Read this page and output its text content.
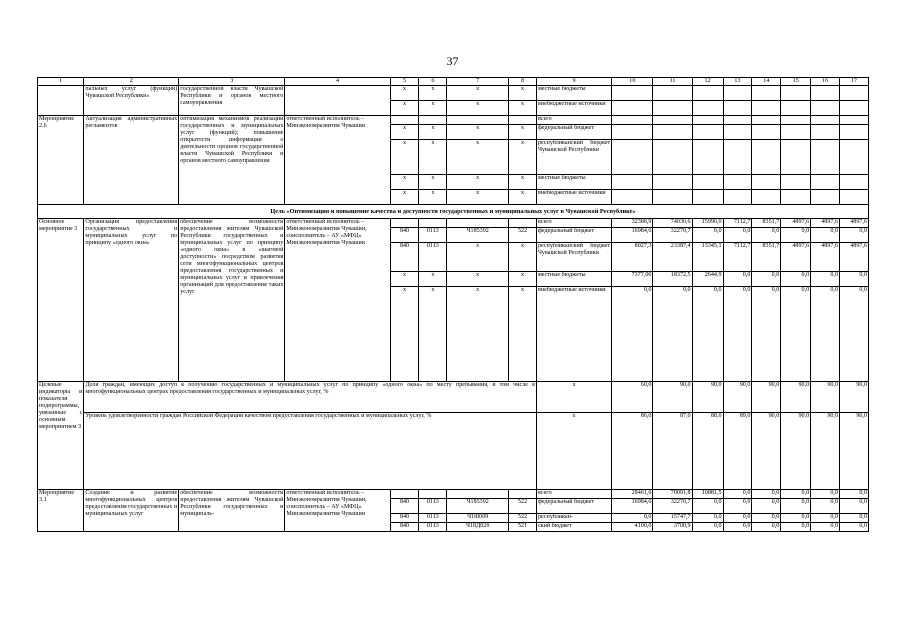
37
1	2	3	4	5	6	7	8	9	10	11	12	13	14	15	16	17
	пальных услуг (функций) Чувашской Республики»	государственной власти Чувашской Республики и органов местного самоуправления		x	x	x	x	местные бюджеты								
				x	x	x	x	внебюджетные источники								
Мероприятие 2.6	Актуализация административных регламентов	оптимизация механизмов реализации государственных и муниципальных услуг (функций); повышение открытости информации о деятельности органов государственной власти Чувашской Республики и органов местного самоуправления	ответственный исполнитель – Минэкономразвития Чувашии					всего								
				x	x	x	x	федеральный бюджет								
				x	x	x	x	республиканский бюджет Чувашской Республики								
				x	x	x	x	местные бюджеты								
				x	x	x	x	внебюджетные источники								
Цель «Оптимизация и повышение качества и доступности государственных и муниципальных услуг в Чувашской Республике»																
Основное мероприятие 3	Организация предоставления государственных и муниципальных услуг по принципу «одного окна»	обеспечение возможности предоставления жителям Чувашской Республики государственных и муниципальных услуг по принципу «одного окна» в «шаговой доступности» посредством развития сети многофункциональных центров предоставления государственных и муниципальных услуг и привлечения организаций для предоставления таких услуг	ответственный исполнитель – Минэкономразвития Чувашии, соисполнитель – АУ «МФЦ» Минэкономразвития Чувашии					всего	32388,9	74030,6	15990,0	7112,7	8351,7	4897,6	4897,6	4897,6
				840	0113	Ч185392	522	федеральный бюджет	16984,6	32270,7	0,0	0,0	0,0	0,0	0,0	0,0
				840	0113	x	x	республиканский бюджет Чувашской Республики	8027,3	23387,4	13345,1	7112,7	8351,7	4897,6	4897,6	4897,6
				x	x	x	x	местные бюджеты	7377,00	18372,5	2644,9	0,0	0,0	0,0	0,0	0,0
				x	x	x	x	внебюджетные источники	0,0	0,0	0,0	0,0	0,0	0,0	0,0	0,0
Целевые индикаторы и показатели подпрограммы, увязанные с основным мероприятием 3	Доля граждан, имеющих доступ к получению государственных и муниципальных услуг по принципу «одного окна» по месту пребывания, в том числе в многофункциональных центрах предоставления государственных и муниципальных услуг, %							x	60,0	90,0	90,0	90,0	90,0	90,0	90,0	90,0
	Уровень удовлетворенности граждан Российской Федерации качеством предоставления государственных и муниципальных услуг, %							x	86,0	87,0	88,0	89,0	90,0	90,0	90,0	90,0
Мероприятие 3.1	Создание и развитие многофункциональных центров предоставления государственных и муниципальных услуг	обеспечение возможности предоставления жителям Чувашской Республики государственных и муниципаль-	ответственный исполнитель – Минэкономразвития Чувашии, соисполнитель – АУ «МФЦ» Минэкономразвития Чувашии					всего	28461,6	70091,8	10881,5	0,0	0,0	0,0	0,0	0,0
				840	0113	Ч185392	522	федеральный бюджет	16984,6	32270,7	0,0	0,0	0,0	0,0	0,0	0,0
				840	0113	Ч18І009	522	республикан-	0,0	15747,7	0,0	0,0	0,0	0,0	0,0	0,0
				840	0113	Ч18Д020	521	ский бюджет	4100,0	3700,9	0,0	0,0	0,0	0,0	0,0	0,0
